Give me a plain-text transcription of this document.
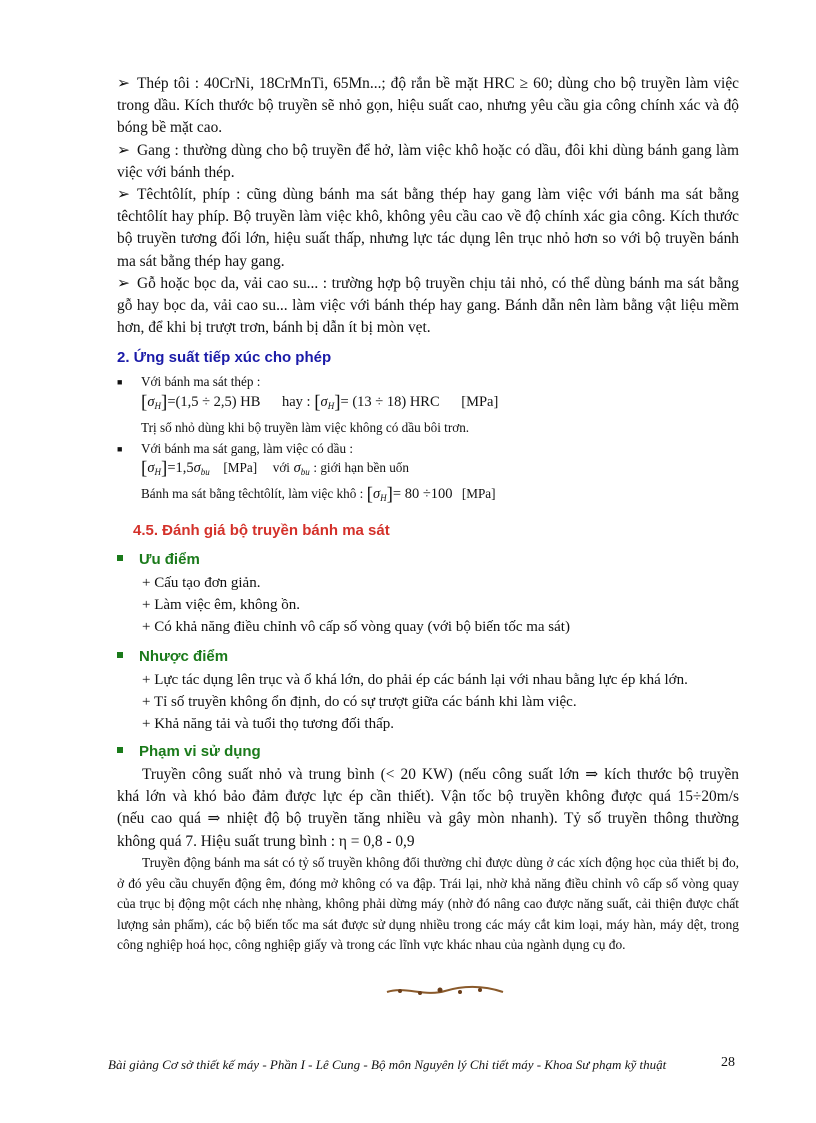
➢ Thép tôi : 40CrNi, 18CrMnTi, 65Mn...; độ rắn bề mặt HRC ≥ 60; dùng cho bộ truyền làm việc trong dầu. Kích thước bộ truyền sẽ nhỏ gọn, hiệu suất cao, nhưng yêu cầu gia công chính xác và độ bóng bề mặt cao.

➢ Gang : thường dùng cho bộ truyền để hở, làm việc khô hoặc có dầu, đôi khi dùng bánh gang làm việc với bánh thép.

➢ Têchtôlít, phíp : cũng dùng bánh ma sát bằng thép hay gang làm việc với bánh ma sát bằng têchtôlít hay phíp. Bộ truyền làm việc khô, không yêu cầu cao về độ chính xác gia công. Kích thước bộ truyền tương đối lớn, hiệu suất thấp, nhưng lực tác dụng lên trục nhỏ hơn so với bộ truyền bánh ma sát bằng thép hay gang.

➢ Gỗ hoặc bọc da, vải cao su... : trường hợp bộ truyền chịu tải nhỏ, có thể dùng bánh ma sát bằng gỗ hay bọc da, vải cao su... làm việc với bánh thép hay gang. Bánh dẫn nên làm bằng vật liệu mềm hơn, để khi bị trượt trơn, bánh bị dẫn ít bị mòn vẹt.

2. Ứng suất tiếp xúc cho phép
■ Với bánh ma sát thép :
$[\sigma_H]=(1,5 \div 2,5)$ HB hay : $[\sigma_H]= (13 \div 18)$ HRC [MPa]
Trị số nhỏ dùng khi bộ truyền làm việc không có dầu bôi trơn.
■ Với bánh ma sát gang, làm việc có dầu :
$[\sigma_H]=1,5\sigma_{bu}$ [MPa] với $\sigma_{bu}$ : giới hạn bền uốn
Bánh ma sát bằng têchtôlít, làm việc khô : $[\sigma_H]= 80 \div 100$ [MPa]
4.5. Đánh giá bộ truyền bánh ma sát
Ưu điểm
+ Cấu tạo đơn giản.
+ Làm việc êm, không ồn.
+ Có khả năng điều chỉnh vô cấp số vòng quay (với bộ biến tốc ma sát)
Nhược điểm
+ Lực tác dụng lên trục và ổ khá lớn, do phải ép các bánh lại với nhau bằng lực ép khá lớn.
+ Tỉ số truyền không ổn định, do có sự trượt giữa các bánh khi làm việc.
+ Khả năng tải và tuổi thọ tương đối thấp.
Phạm vi sử dụng
Truyền công suất nhỏ và trung bình (< 20 KW) (nếu công suất lớn ⇒ kích thước bộ truyền
khá lớn và khó bảo đảm được lực ép cần thiết). Vận tốc bộ truyền không được quá 15÷20m/s
(nếu cao quá ⇒ nhiệt độ bộ truyền tăng nhiều và gây mòn nhanh). Tỷ số truyền thông thường
không quá 7. Hiệu suất trung bình : η = 0,8 - 0,9
Truyền động bánh ma sát có tỷ số truyền không đổi thường chỉ được dùng ở các xích động học của thiết bị đo, ở đó yêu cầu chuyển động êm, đóng mở không có va đập. Trái lại, nhờ khả năng điều chỉnh vô cấp số vòng quay của trục bị động một cách nhẹ nhàng, không phải dừng máy (nhờ đó nâng cao được năng suất, cải thiện được chất lượng sản phẩm), các bộ biến tốc ma sát được sử dụng nhiều trong các máy cắt kim loại, máy hàn, máy dệt, trong công nghiệp hoá học, công nghiệp giấy và trong các lĩnh vực khác nhau của ngành dụng cụ đo.
Bài giảng Cơ sở thiết kế máy - Phần I - Lê Cung - Bộ môn Nguyên lý Chi tiết máy - Khoa Sư phạm kỹ thuật	28
